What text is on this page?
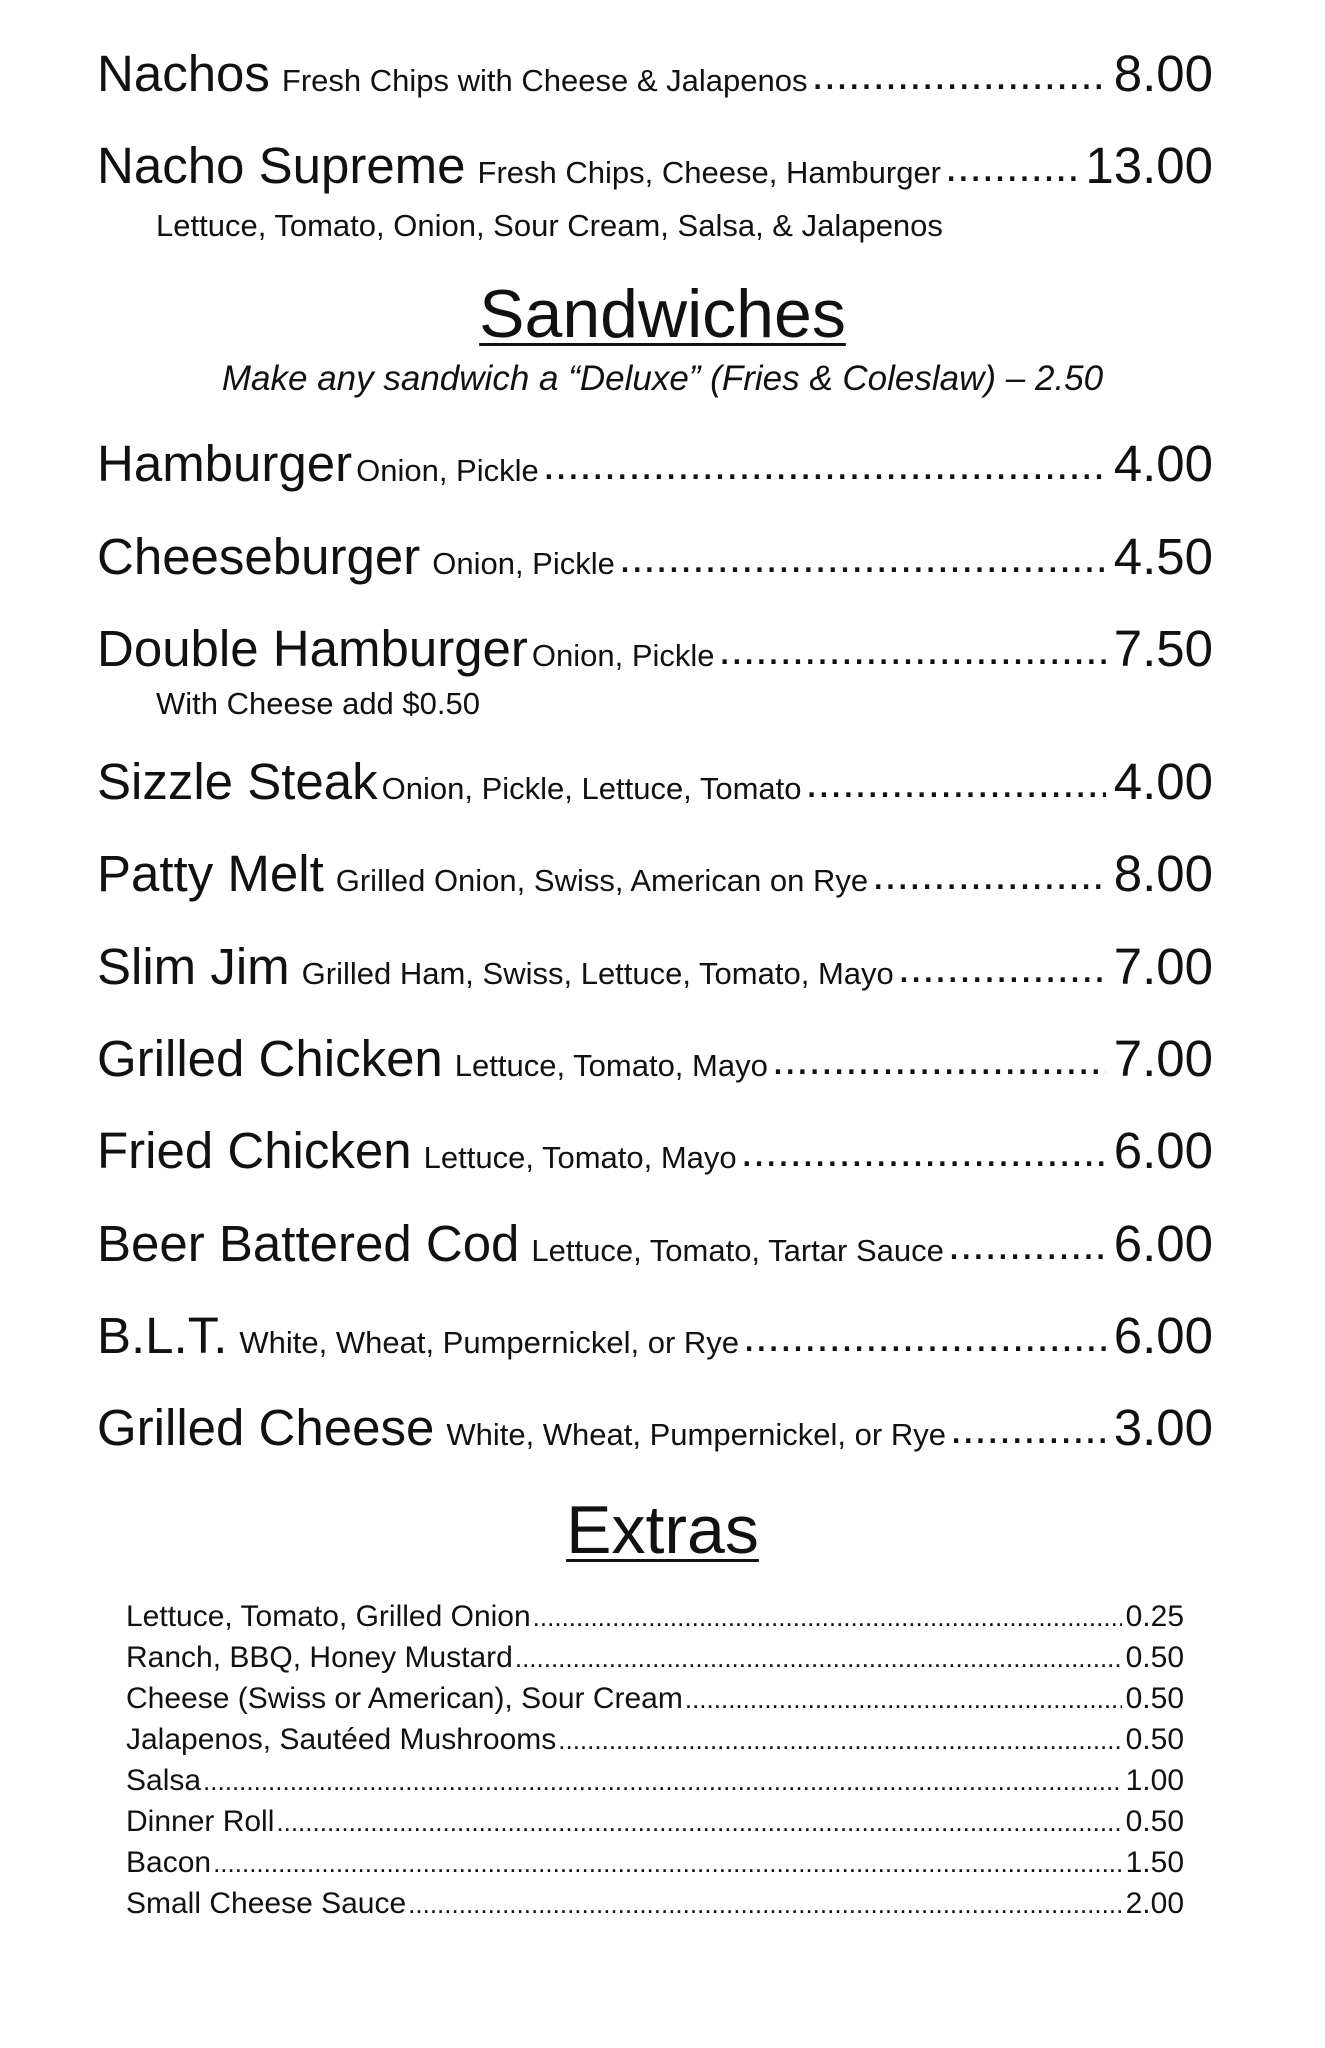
Nachos Fresh Chips with Cheese & Jalapenos .....	8.00
Nacho Supreme Fresh Chips, Cheese, Hamburger .....	13.00
Lettuce, Tomato, Onion, Sour Cream, Salsa, & Jalapenos
Sandwiches
Make any sandwich a “Deluxe” (Fries & Coleslaw) – 2.50
Hamburger Onion, Pickle .....	4.00
Cheeseburger Onion, Pickle .....	4.50
Double Hamburger Onion, Pickle .....	7.50
With Cheese add $0.50
Sizzle Steak Onion, Pickle, Lettuce, Tomato .....	4.00
Patty Melt Grilled Onion, Swiss, American on Rye .....	8.00
Slim Jim Grilled Ham, Swiss, Lettuce, Tomato, Mayo .....	7.00
Grilled Chicken Lettuce, Tomato, Mayo .....	7.00
Fried Chicken Lettuce, Tomato, Mayo .....	6.00
Beer Battered Cod Lettuce, Tomato, Tartar Sauce .....	6.00
B.L.T. White, Wheat, Pumpernickel, or Rye .....	6.00
Grilled Cheese White, Wheat, Pumpernickel, or Rye .....	3.00
Extras
Lettuce, Tomato, Grilled Onion .....	0.25
Ranch, BBQ, Honey Mustard .....	0.50
Cheese (Swiss or American), Sour Cream .....	0.50
Jalapenos, Sautéed Mushrooms .....	0.50
Salsa .....	1.00
Dinner Roll .....	0.50
Bacon .....	1.50
Small Cheese Sauce .....	2.00
